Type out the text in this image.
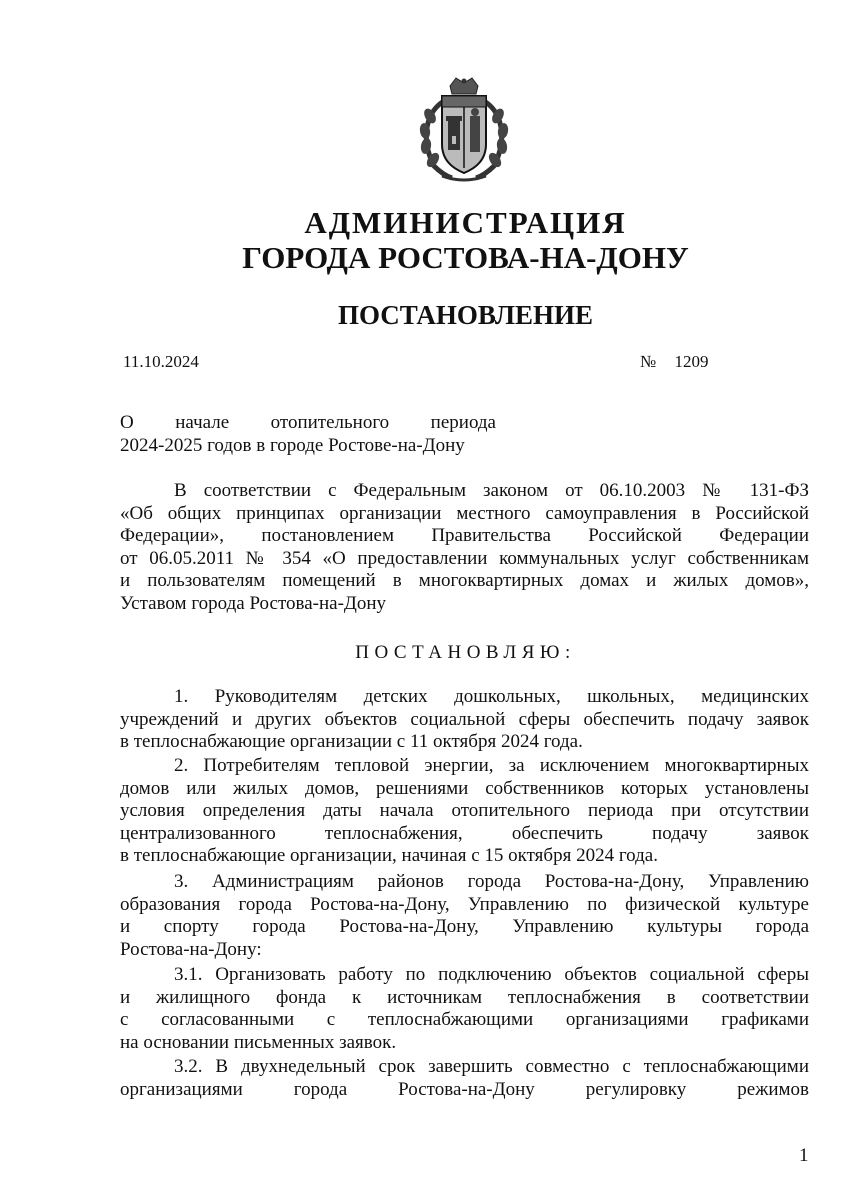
АДМИНИСТРАЦИЯ
ГОРОДА РОСТОВА-НА-ДОНУ
ПОСТАНОВЛЕНИЕ
11.10.2024	№ 1209
О начале отопительного периода
2024-2025 годов в городе Ростове-на-Дону
В соответствии с Федеральным законом от 06.10.2003 № 131-ФЗ
«Об общих принципах организации местного самоуправления в Российской
Федерации», постановлением Правительства Российской Федерации
от 06.05.2011 № 354 «О предоставлении коммунальных услуг собственникам
и пользователям помещений в многоквартирных домах и жилых домов»,
Уставом города Ростова-на-Дону
ПОСТАНОВЛЯЮ:
1. Руководителям детских дошкольных, школьных, медицинских
учреждений и других объектов социальной сферы обеспечить подачу заявок
в теплоснабжающие организации с 11 октября 2024 года.
2. Потребителям тепловой энергии, за исключением многоквартирных
домов или жилых домов, решениями собственников которых установлены
условия определения даты начала отопительного периода при отсутствии
централизованного теплоснабжения, обеспечить подачу заявок
в теплоснабжающие организации, начиная с 15 октября 2024 года.
3. Администрациям районов города Ростова-на-Дону, Управлению
образования города Ростова-на-Дону, Управлению по физической культуре
и спорту города Ростова-на-Дону, Управлению культуры города
Ростова-на-Дону:
3.1. Организовать работу по подключению объектов социальной сферы
и жилищного фонда к источникам теплоснабжения в соответствии
с согласованными с теплоснабжающими организациями графиками
на основании письменных заявок.
3.2. В двухнедельный срок завершить совместно с теплоснабжающими
организациями города Ростова-на-Дону регулировку режимов
1
